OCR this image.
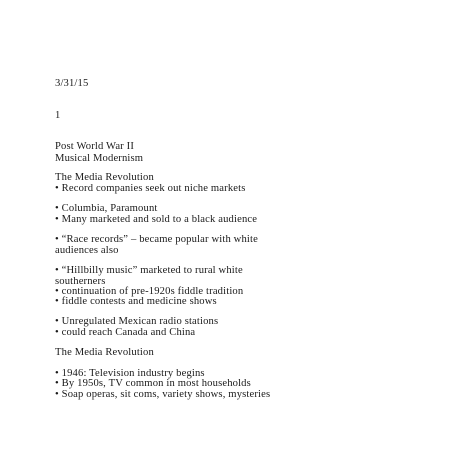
3/31/15
1
Post World War II
Musical Modernism
The Media Revolution
• Record companies seek out niche markets
• Columbia, Paramount
• Many marketed and sold to a black audience
• “Race records” – became popular with white
audiences also
• “Hillbilly music” marketed to rural white
southerners
• continuation of pre-1920s fiddle tradition
• fiddle contests and medicine shows
• Unregulated Mexican radio stations
• could reach Canada and China
The Media Revolution
• 1946: Television industry begins
• By 1950s, TV common in most households
• Soap operas, sit coms, variety shows, mysteries
